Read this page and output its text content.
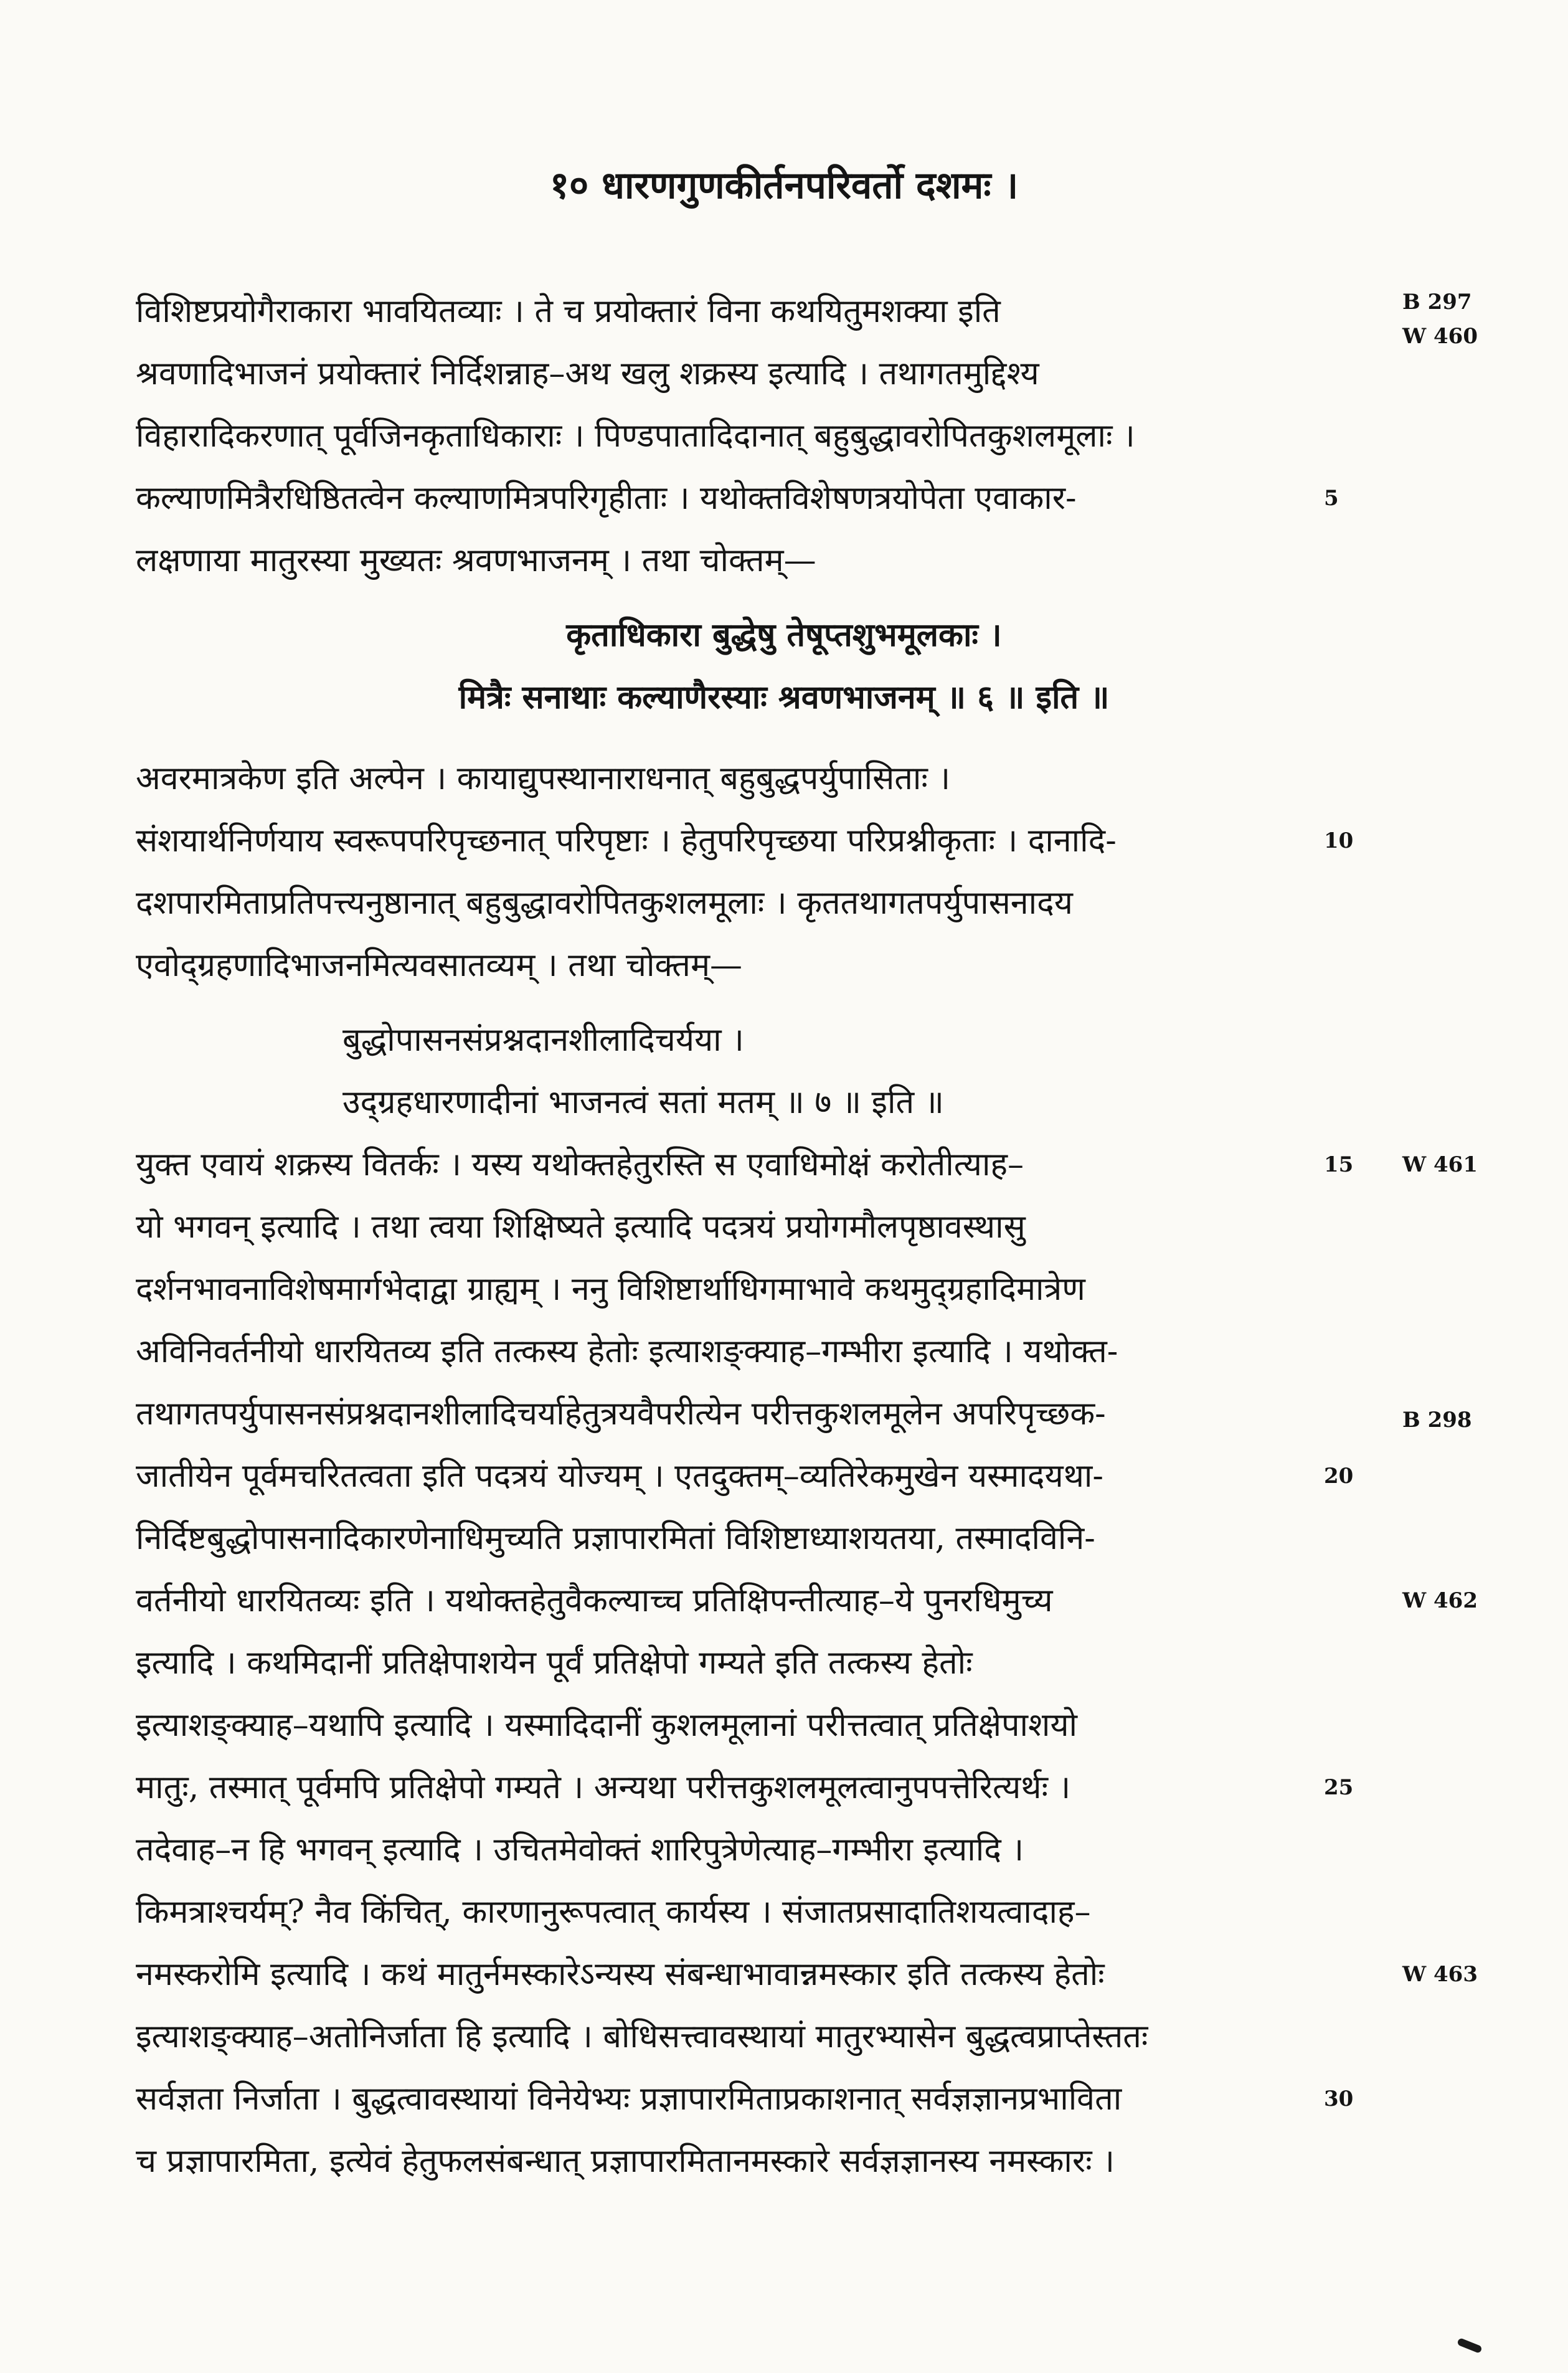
१० धारणगुणकीर्तनपरिवर्तो दशमः ।
विशिष्टप्रयोगैराकारा भावयितव्याः । ते च प्रयोक्तारं विना कथयितुमशक्या इति
श्रवणादिभाजनं प्रयोक्तारं निर्दिशन्नाह–अथ खलु शक्रस्य इत्यादि । तथागतमुद्दिश्य
विहारादिकरणात् पूर्वजिनकृताधिकाराः । पिण्डपातादिदानात् बहुबुद्धावरोपितकुशलमूलाः ।
कल्याणमित्रैरधिष्ठितत्वेन कल्याणमित्रपरिगृहीताः । यथोक्तविशेषणत्रयोपेता एवाकार-
लक्षणाया मातुरस्या मुख्यतः श्रवणभाजनम् । तथा चोक्तम्—
कृताधिकारा बुद्धेषु तेषूप्तशुभमूलकाः ।
मित्रैः सनाथाः कल्याणैरस्याः श्रवणभाजनम् ॥ ६ ॥ इति ॥
अवरमात्रकेण इति अल्पेन । कायाद्युपस्थानाराधनात् बहुबुद्धपर्युपासिताः ।
संशयार्थनिर्णयाय स्वरूपपरिपृच्छनात् परिपृष्टाः । हेतुपरिपृच्छया परिप्रश्नीकृताः । दानादि-
दशपारमिताप्रतिपत्त्यनुष्ठानात् बहुबुद्धावरोपितकुशलमूलाः । कृततथागतपर्युपासनादय
एवोद्ग्रहणादिभाजनमित्यवसातव्यम् । तथा चोक्तम्—
बुद्धोपासनसंप्रश्नदानशीलादिचर्यया ।
उद्ग्रहधारणादीनां भाजनत्वं सतां मतम् ॥ ७ ॥ इति ॥
युक्त एवायं शक्रस्य वितर्कः । यस्य यथोक्तहेतुरस्ति स एवाधिमोक्षं करोतीत्याह–
यो भगवन् इत्यादि । तथा त्वया शिक्षिष्यते इत्यादि पदत्रयं प्रयोगमौलपृष्ठावस्थासु
दर्शनभावनाविशेषमार्गभेदाद्वा ग्राह्यम् । ननु विशिष्टार्थाधिगमाभावे कथमुद्ग्रहादिमात्रेण
अविनिवर्तनीयो धारयितव्य इति तत्कस्य हेतोः इत्याशङ्क्याह–गम्भीरा इत्यादि । यथोक्त-
तथागतपर्युपासनसंप्रश्नदानशीलादिचर्याहेतुत्रयवैपरीत्येन परीत्तकुशलमूलेन अपरिपृच्छक-
जातीयेन पूर्वमचरितत्वता इति पदत्रयं योज्यम् । एतदुक्तम्–व्यतिरेकमुखेन यस्मादयथा-
निर्दिष्टबुद्धोपासनादिकारणेनाधिमुच्यति प्रज्ञापारमितां विशिष्टाध्याशयतया, तस्मादविनि-
वर्तनीयो धारयितव्यः इति । यथोक्तहेतुवैकल्याच्च प्रतिक्षिपन्तीत्याह–ये पुनरधिमुच्य
इत्यादि । कथमिदानीं प्रतिक्षेपाशयेन पूर्वं प्रतिक्षेपो गम्यते इति तत्कस्य हेतोः
इत्याशङ्क्याह–यथापि इत्यादि । यस्मादिदानीं कुशलमूलानां परीत्तत्वात् प्रतिक्षेपाशयो
मातुः, तस्मात् पूर्वमपि प्रतिक्षेपो गम्यते । अन्यथा परीत्तकुशलमूलत्वानुपपत्तेरित्यर्थः ।
तदेवाह–न हि भगवन् इत्यादि । उचितमेवोक्तं शारिपुत्रेणेत्याह–गम्भीरा इत्यादि ।
किमत्राश्चर्यम्? नैव किंचित्, कारणानुरूपत्वात् कार्यस्य । संजातप्रसादातिशयत्वादाह–
नमस्करोमि इत्यादि । कथं मातुर्नमस्कारेऽन्यस्य संबन्धाभावान्नमस्कार इति तत्कस्य हेतोः
इत्याशङ्क्याह–अतोनिर्जाता हि इत्यादि । बोधिसत्त्वावस्थायां मातुरभ्यासेन बुद्धत्वप्राप्तेस्ततः
सर्वज्ञता निर्जाता । बुद्धत्वावस्थायां विनेयेभ्यः प्रज्ञापारमिताप्रकाशनात् सर्वज्ञज्ञानप्रभाविता
च प्रज्ञापारमिता, इत्येवं हेतुफलसंबन्धात् प्रज्ञापारमितानमस्कारे सर्वज्ञज्ञानस्य नमस्कारः ।
5
10
15
20
25
30
B 297
W 460
W 461
B 298
W 462
W 463
